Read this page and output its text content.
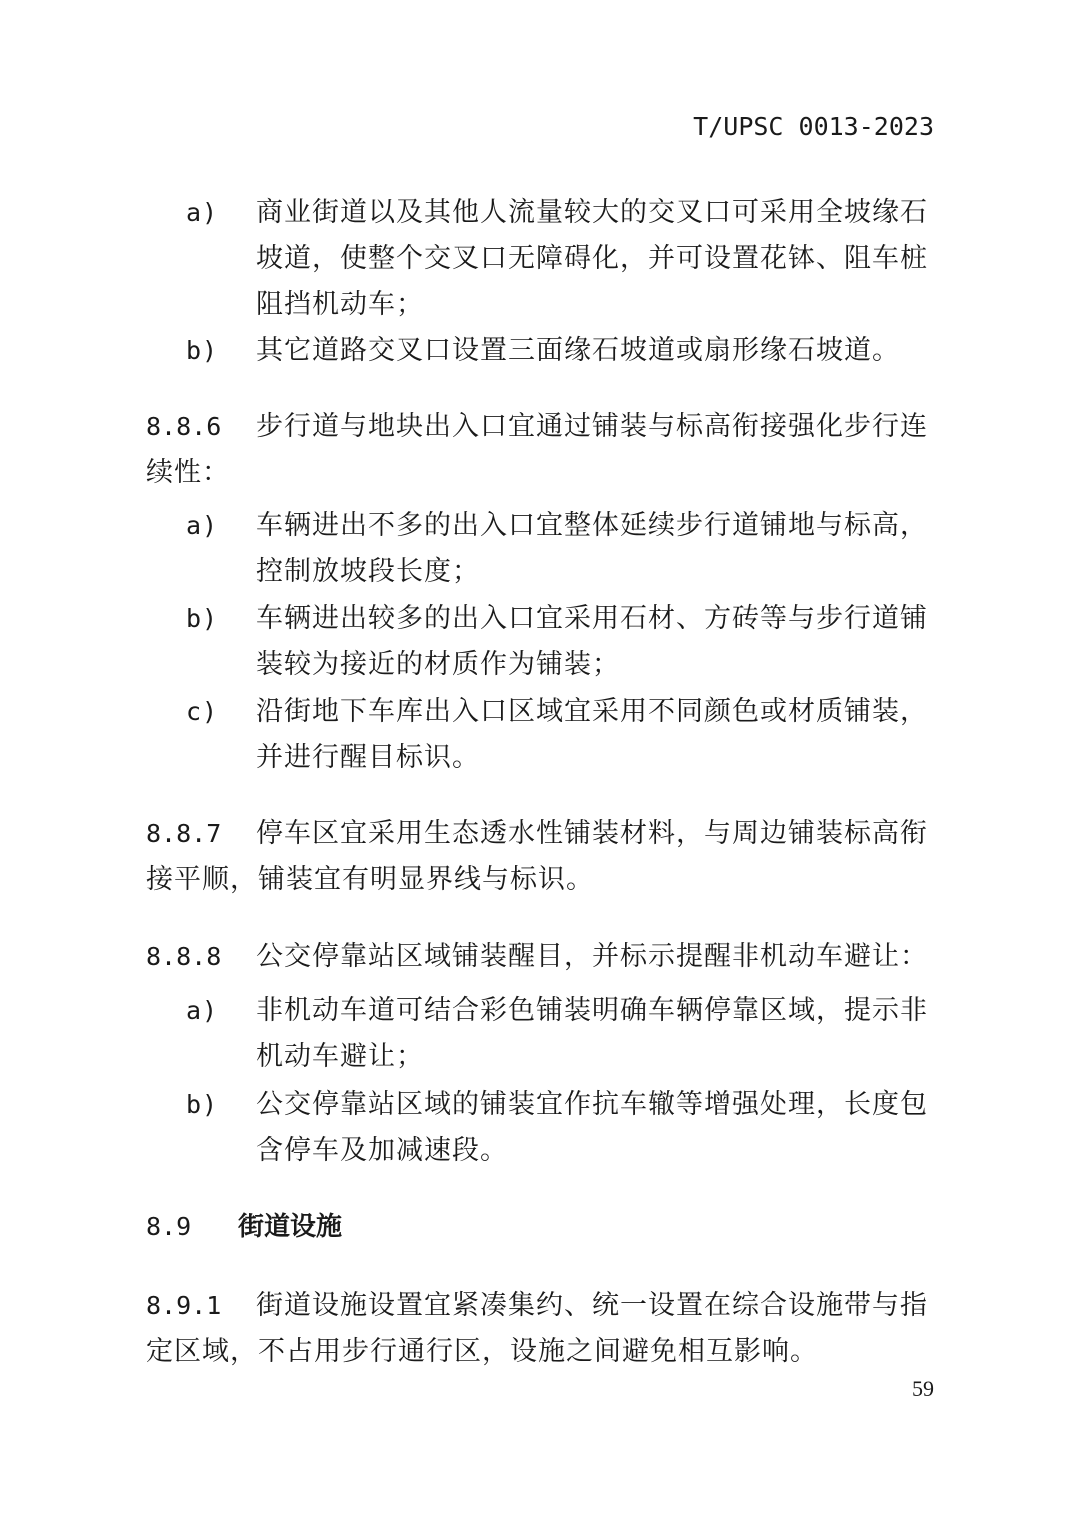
T/UPSC 0013-2023
a) 商业街道以及其他人流量较大的交叉口可采用全坡缘石坡道，使整个交叉口无障碍化，并可设置花钵、阻车桩阻挡机动车；
b) 其它道路交叉口设置三面缘石坡道或扇形缘石坡道。
8.8.6 步行道与地块出入口宜通过铺装与标高衔接强化步行连续性：
a) 车辆进出不多的出入口宜整体延续步行道铺地与标高，控制放坡段长度；
b) 车辆进出较多的出入口宜采用石材、方砖等与步行道铺装较为接近的材质作为铺装；
c) 沿街地下车库出入口区域宜采用不同颜色或材质铺装，并进行醒目标识。
8.8.7 停车区宜采用生态透水性铺装材料，与周边铺装标高衔接平顺，铺装宜有明显界线与标识。
8.8.8 公交停靠站区域铺装醒目，并标示提醒非机动车避让：
a) 非机动车道可结合彩色铺装明确车辆停靠区域，提示非机动车避让；
b) 公交停靠站区域的铺装宜作抗车辙等增强处理，长度包含停车及加减速段。
8.9 街道设施
8.9.1 街道设施设置宜紧凑集约、统一设置在综合设施带与指定区域，不占用步行通行区，设施之间避免相互影响。
59
